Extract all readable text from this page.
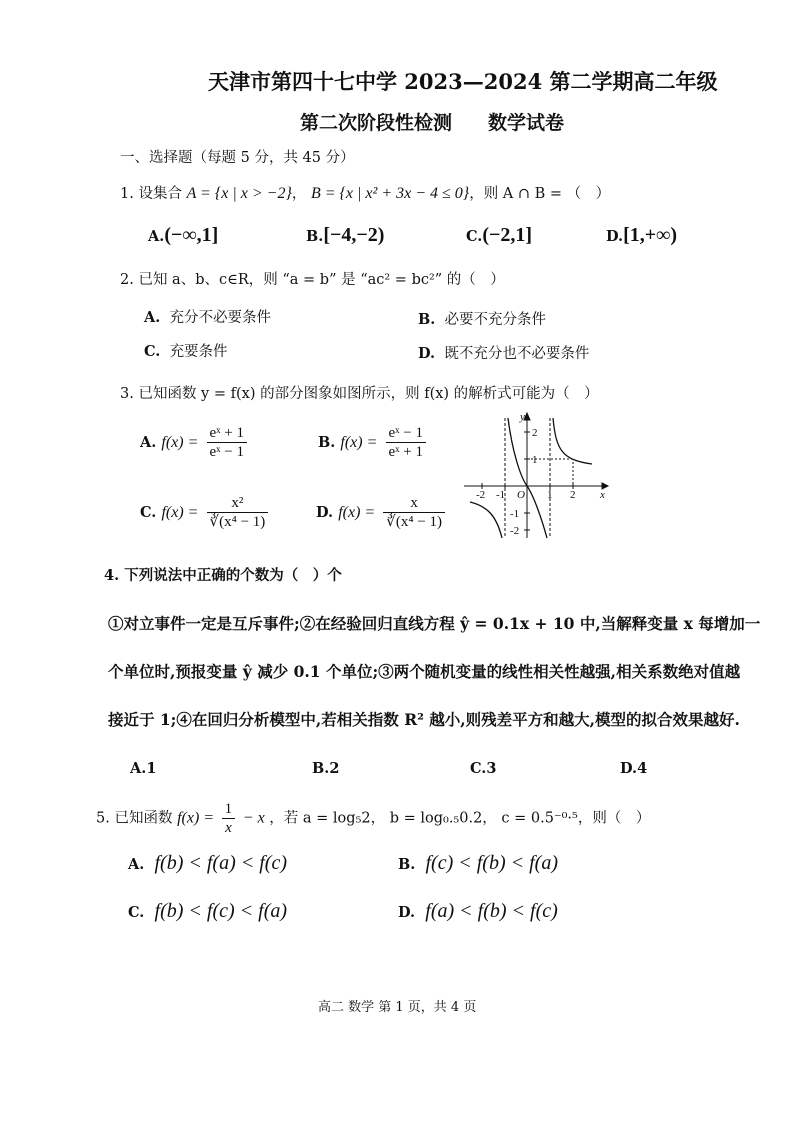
天津市第四十七中学 2023—2024 第二学期高二年级
第二次阶段性检测 数学试卷
一、选择题（每题 5 分，共 45 分）
1. 设集合 A = {x | x > −2}， B = {x | x² + 3x − 4 ≤ 0}，则 A ∩ B = （　）
A.(−∞,1]	B.[−4,−2)	C.(−2,1]	D.[1,+∞)
2. 已知 a、b、c∈R，则 “a = b” 是 “ac² = bc²” 的（　）
A. 充分不必要条件	B. 必要不充分条件
C. 充要条件	D. 既不充分也不必要条件
3. 已知函数 y = f(x) 的部分图象如图所示，则 f(x) 的解析式可能为（　）
A. $f(x) = \frac{\text{eˣ + 1}}{\text{eˣ − 1}}$	B. $f(x) = \frac{\text{eˣ − 1}}{\text{eˣ + 1}}$
C. $f(x) = \frac{\text{x²}}{\text{∛(x⁴ − 1)}}$	D. $f(x) = \frac{x}{\text{∛(x⁴ − 1)}}$	x
y
O
-2 -1	1 2
2
1
-1
-2
4. 下列说法中正确的个数为（　）个
①对立事件一定是互斥事件;②在经验回归直线方程 ŷ = 0.1x + 10 中,当解释变量 x 每增加一
个单位时,预报变量 ŷ 减少 0.1 个单位;③两个随机变量的线性相关性越强,相关系数绝对值越
接近于 1;④在回归分析模型中,若相关指数 R² 越小,则残差平方和越大,模型的拟合效果越好.
A.1	B.2	C.3	D.4
5. 已知函数 $f(x) = \frac{1}{x} - x$ ，若 a = log₅2， b = log₀.₅0.2， c = 0.5⁻⁰·⁵，则（　）
A. f(b) < f(a) < f(c)	B. f(c) < f(b) < f(a)
C. f(b) < f(c) < f(a)	D. f(a) < f(b) < f(c)
高二 数学 第 1 页，共 4 页
